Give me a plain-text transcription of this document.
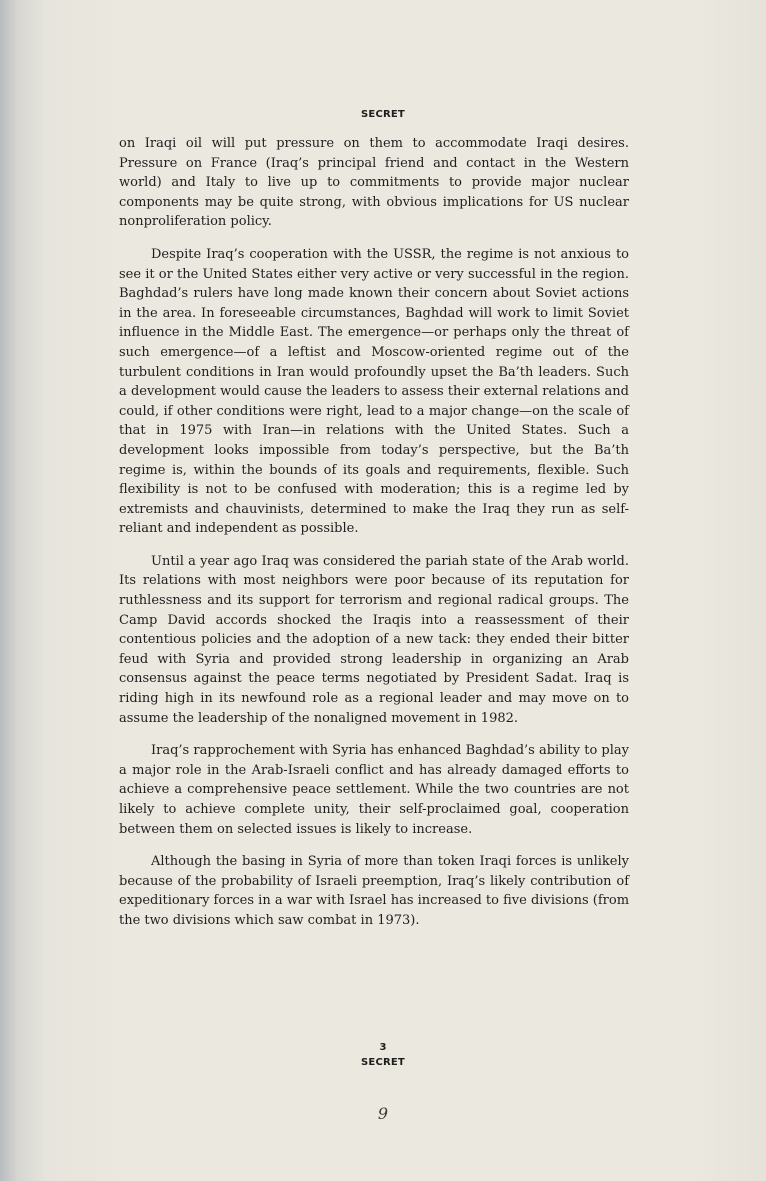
SECRET

on Iraqi oil will put pressure on them to accommodate Iraqi desires. Pressure on France (Iraq’s principal friend and contact in the Western world) and Italy to live up to commitments to provide major nuclear components may be quite strong, with obvious implications for US nuclear nonproliferation policy.

Despite Iraq’s cooperation with the USSR, the regime is not anxious to see it or the United States either very active or very successful in the region. Baghdad’s rulers have long made known their concern about Soviet actions in the area. In foreseeable circumstances, Baghdad will work to limit Soviet influence in the Middle East. The emergence—or perhaps only the threat of such emergence—of a leftist and Moscow-oriented regime out of the turbulent conditions in Iran would profoundly upset the Ba’th leaders. Such a development would cause the leaders to assess their external relations and could, if other conditions were right, lead to a major change—on the scale of that in 1975 with Iran—in relations with the United States. Such a development looks impossible from today’s perspective, but the Ba’th regime is, within the bounds of its goals and requirements, flexible. Such flexibility is not to be confused with moderation; this is a regime led by extremists and chauvinists, determined to make the Iraq they run as self-reliant and independent as possible.

Until a year ago Iraq was considered the pariah state of the Arab world. Its relations with most neighbors were poor because of its reputation for ruthlessness and its support for terrorism and regional radical groups. The Camp David accords shocked the Iraqis into a reassessment of their contentious policies and the adoption of a new tack: they ended their bitter feud with Syria and provided strong leadership in organizing an Arab consensus against the peace terms negotiated by President Sadat. Iraq is riding high in its newfound role as a regional leader and may move on to assume the leadership of the nonaligned movement in 1982.

Iraq’s rapprochement with Syria has enhanced Baghdad’s ability to play a major role in the Arab-Israeli conflict and has already damaged efforts to achieve a comprehensive peace settlement. While the two countries are not likely to achieve complete unity, their self-proclaimed goal, cooperation between them on selected issues is likely to increase.

Although the basing in Syria of more than token Iraqi forces is unlikely because of the probability of Israeli preemption, Iraq’s likely contribution of expeditionary forces in a war with Israel has increased to five divisions (from the two divisions which saw combat in 1973).

3
SECRET
9
